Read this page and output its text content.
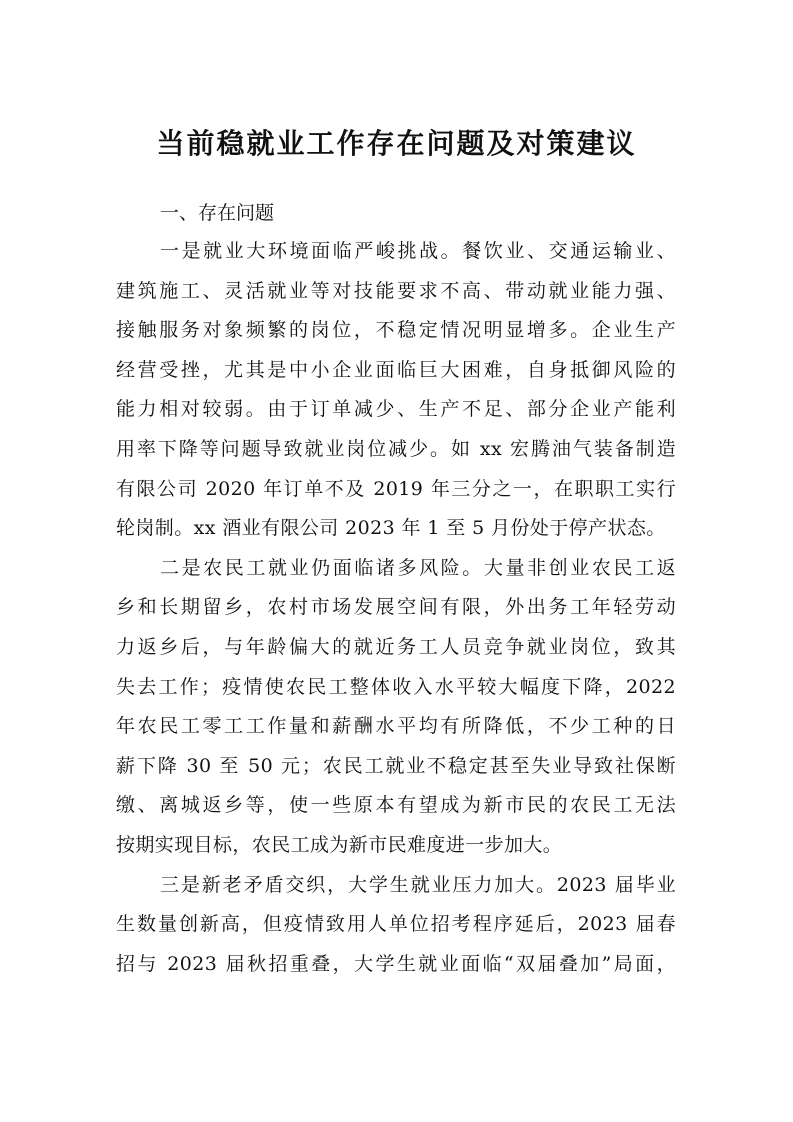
当前稳就业工作存在问题及对策建议

一、存在问题

一是就业大环境面临严峻挑战。餐饮业、交通运输业、
建筑施工、灵活就业等对技能要求不高、带动就业能力强、
接触服务对象频繁的岗位，不稳定情况明显增多。企业生产
经营受挫，尤其是中小企业面临巨大困难，自身抵御风险的
能力相对较弱。由于订单减少、生产不足、部分企业产能利
用率下降等问题导致就业岗位减少。如 xx 宏腾油气装备制造
有限公司 2020 年订单不及 2019 年三分之一，在职职工实行
轮岗制。xx 酒业有限公司 2023 年 1 至 5 月份处于停产状态。

二是农民工就业仍面临诸多风险。大量非创业农民工返
乡和长期留乡，农村市场发展空间有限，外出务工年轻劳动
力返乡后，与年龄偏大的就近务工人员竞争就业岗位，致其
失去工作；疫情使农民工整体收入水平较大幅度下降，2022
年农民工零工工作量和薪酬水平均有所降低，不少工种的日
薪下降 30 至 50 元；农民工就业不稳定甚至失业导致社保断
缴、离城返乡等，使一些原本有望成为新市民的农民工无法
按期实现目标，农民工成为新市民难度进一步加大。

三是新老矛盾交织，大学生就业压力加大。2023 届毕业
生数量创新高，但疫情致用人单位招考程序延后，2023 届春
招与 2023 届秋招重叠，大学生就业面临“双届叠加”局面，
